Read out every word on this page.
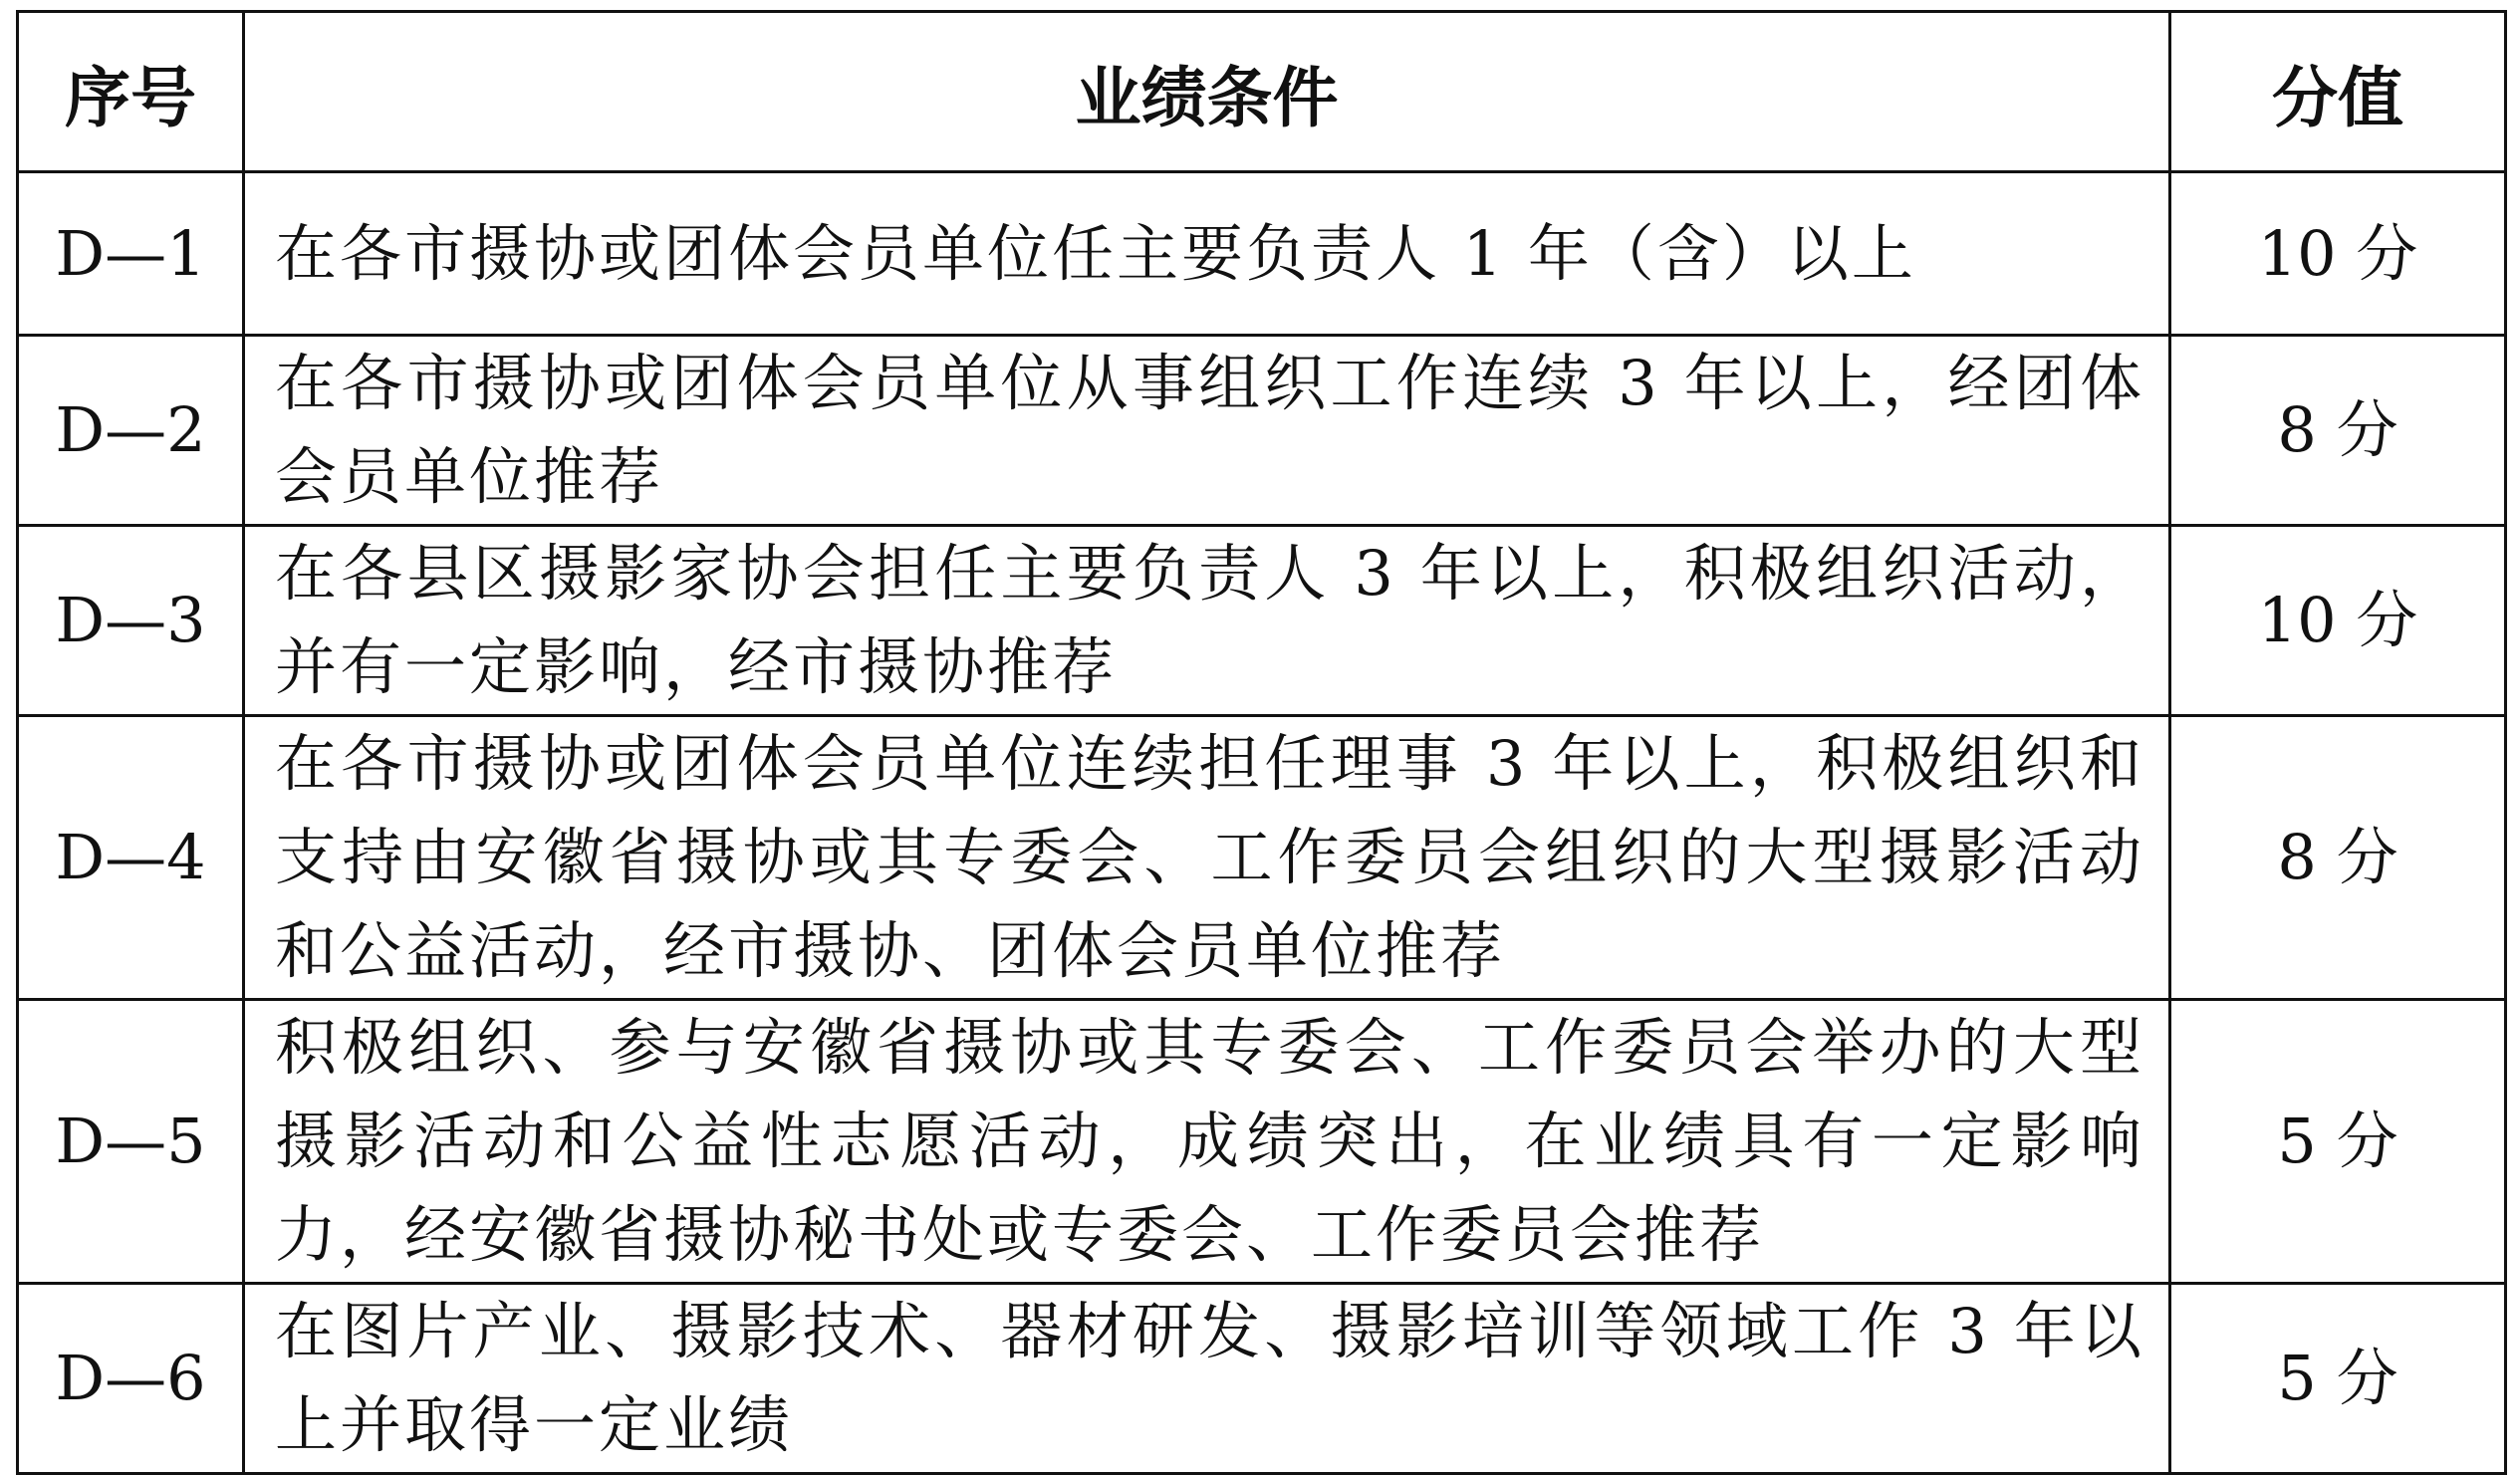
序号	业绩条件	分值
D—1	在各市摄协或团体会员单位任主要负责人 1 年（含）以上	10 分
D—2	在各市摄协或团体会员单位从事组织工作连续 3 年以上，经团体会员单位推荐	8 分
D—3	在各县区摄影家协会担任主要负责人 3 年以上，积极组织活动，并有一定影响，经市摄协推荐	10 分
D—4	在各市摄协或团体会员单位连续担任理事 3 年以上，积极组织和支持由安徽省摄协或其专委会、工作委员会组织的大型摄影活动和公益活动，经市摄协、团体会员单位推荐	8 分
D—5	积极组织、参与安徽省摄协或其专委会、工作委员会举办的大型摄影活动和公益性志愿活动，成绩突出，在业绩具有一定影响力，经安徽省摄协秘书处或专委会、工作委员会推荐	5 分
D—6	在图片产业、摄影技术、器材研发、摄影培训等领域工作 3 年以上并取得一定业绩	5 分
